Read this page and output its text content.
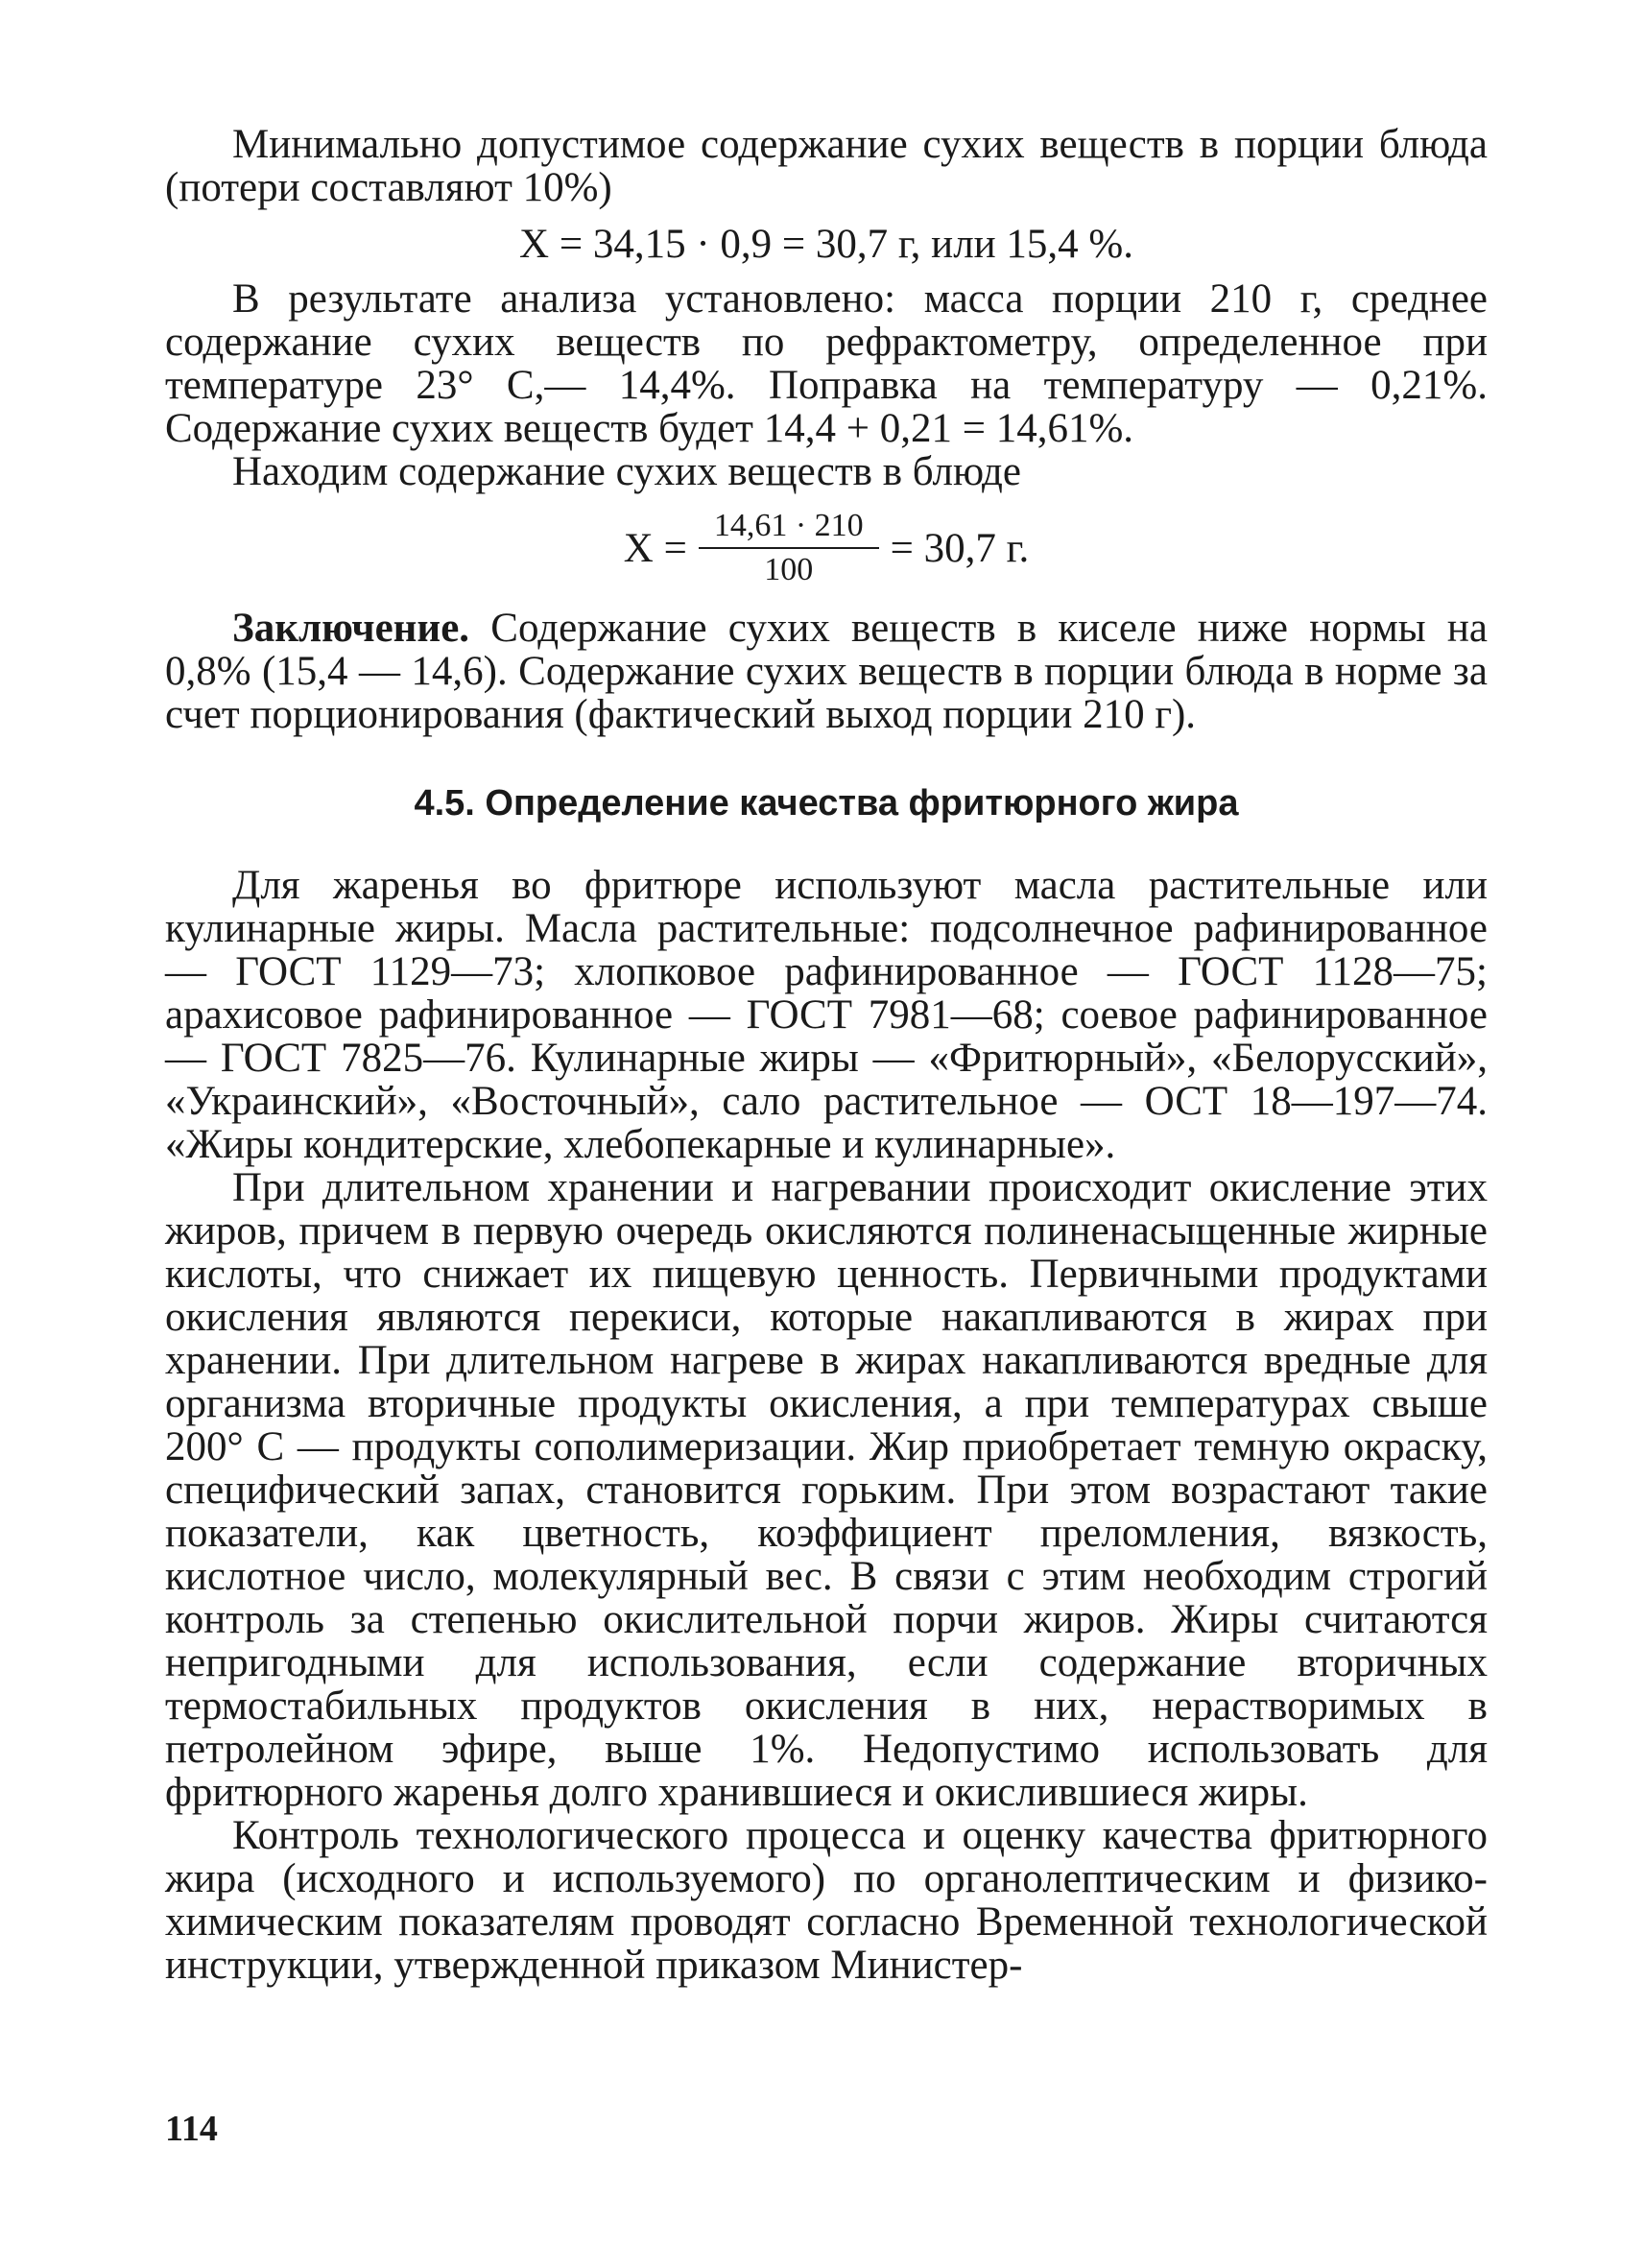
Минимально допустимое содержание сухих веществ в порции блюда (потери составляют 10%)

X = 34,15 · 0,9 = 30,7 г, или 15,4 %.

В результате анализа установлено: масса порции 210 г, среднее содержание сухих веществ по рефрактометру, определенное при температуре 23° C,— 14,4%. Поправка на температуру — 0,21%. Содержание сухих веществ будет 14,4 + 0,21 = 14,61%.

Находим содержание сухих веществ в блюде

$X = \frac{14,61 \cdot 210}{100} = 30,7$ г.

Заключение. Содержание сухих веществ в киселе ниже нормы на 0,8% (15,4 — 14,6). Содержание сухих веществ в порции блюда в норме за счет порционирования (фактический выход порции 210 г).

4.5. Определение качества фритюрного жира

Для жаренья во фритюре используют масла растительные или кулинарные жиры. Масла растительные: подсолнечное рафинированное — ГОСТ 1129—73; хлопковое рафинированное — ГОСТ 1128—75; арахисовое рафинированное — ГОСТ 7981—68; соевое рафинированное — ГОСТ 7825—76. Кулинарные жиры — «Фритюрный», «Белорусский», «Украинский», «Восточный», сало растительное — ОСТ 18—197—74. «Жиры кондитерские, хлебопекарные и кулинарные».

При длительном хранении и нагревании происходит окисление этих жиров, причем в первую очередь окисляются полиненасыщенные жирные кислоты, что снижает их пищевую ценность. Первичными продуктами окисления являются перекиси, которые накапливаются в жирах при хранении. При длительном нагреве в жирах накапливаются вредные для организма вторичные продукты окисления, а при температурах свыше 200° C — продукты сополимеризации. Жир приобретает темную окраску, специфический запах, становится горьким. При этом возрастают такие показатели, как цветность, коэффициент преломления, вязкость, кислотное число, молекулярный вес. В связи с этим необходим строгий контроль за степенью окислительной порчи жиров. Жиры считаются непригодными для использования, если содержание вторичных термостабильных продуктов окисления в них, нерастворимых в петролейном эфире, выше 1%. Недопустимо использовать для фритюрного жаренья долго хранившиеся и окислившиеся жиры.

Контроль технологического процесса и оценку качества фритюрного жира (исходного и используемого) по органолептическим и физико-химическим показателям проводят согласно Временной технологической инструкции, утвержденной приказом Министер-

114
